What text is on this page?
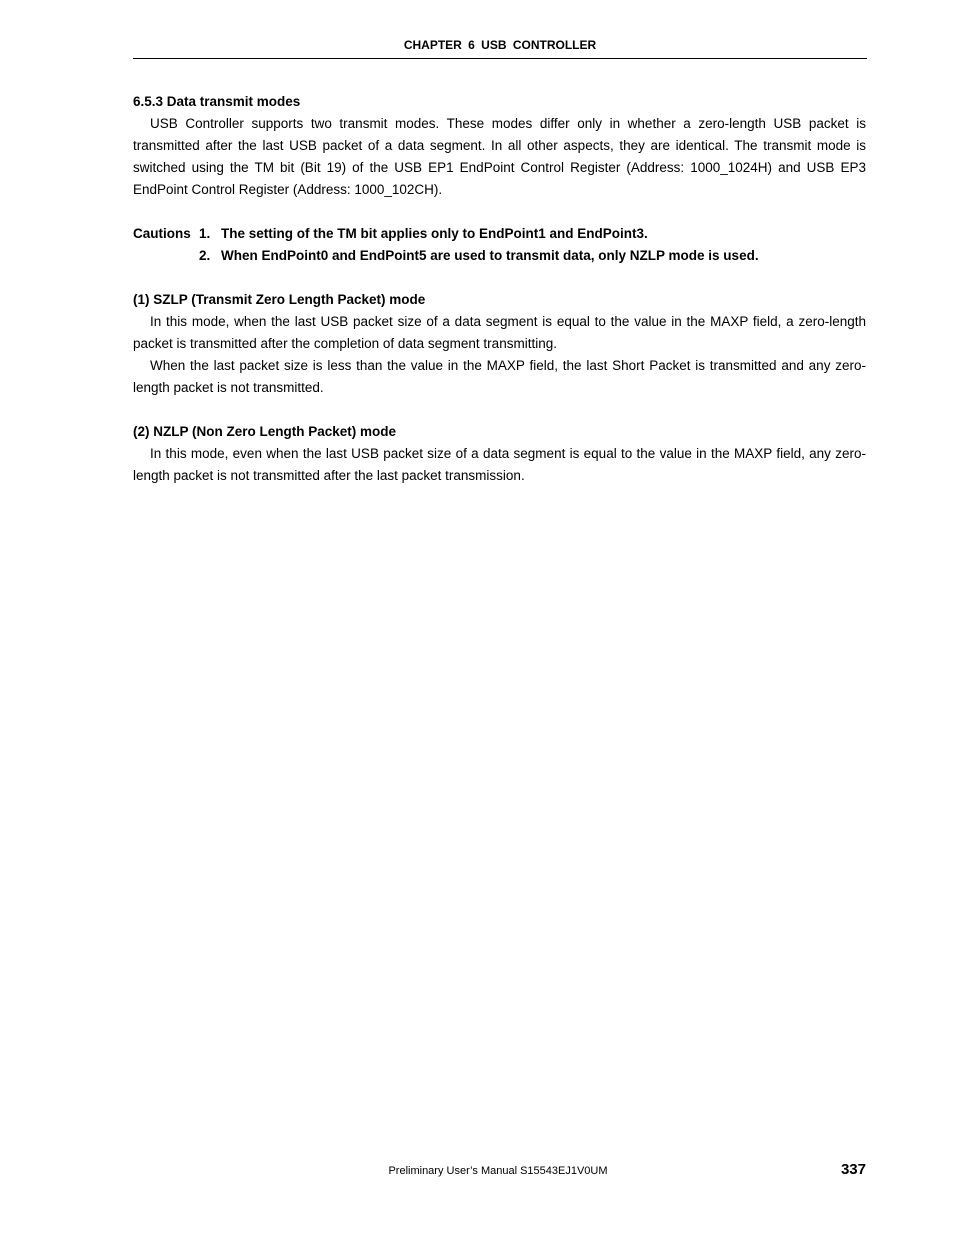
CHAPTER 6 USB CONTROLLER

6.5.3 Data transmit modes

USB Controller supports two transmit modes. These modes differ only in whether a zero-length USB packet is transmitted after the last USB packet of a data segment. In all other aspects, they are identical. The transmit mode is switched using the TM bit (Bit 19) of the USB EP1 EndPoint Control Register (Address: 1000_1024H) and USB EP3 EndPoint Control Register (Address: 1000_102CH).

Cautions 1. The setting of the TM bit applies only to EndPoint1 and EndPoint3.
2. When EndPoint0 and EndPoint5 are used to transmit data, only NZLP mode is used.

(1) SZLP (Transmit Zero Length Packet) mode

In this mode, when the last USB packet size of a data segment is equal to the value in the MAXP field, a zero-length packet is transmitted after the completion of data segment transmitting.

When the last packet size is less than the value in the MAXP field, the last Short Packet is transmitted and any zero-length packet is not transmitted.

(2) NZLP (Non Zero Length Packet) mode

In this mode, even when the last USB packet size of a data segment is equal to the value in the MAXP field, any zero-length packet is not transmitted after the last packet transmission.

Preliminary User’s Manual S15543EJ1V0UM	337
